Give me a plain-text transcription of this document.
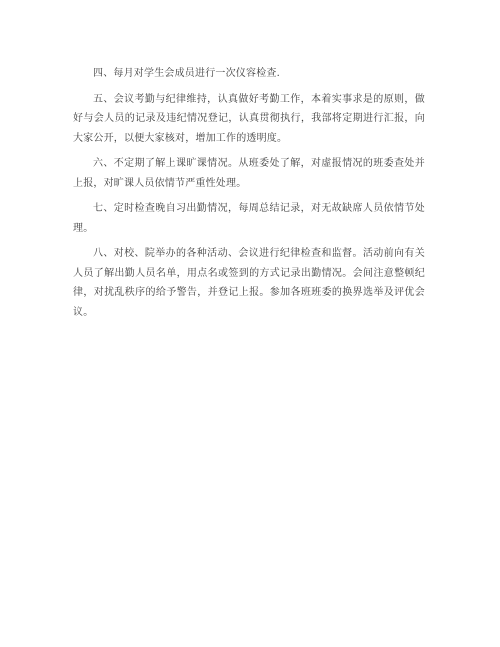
四、每月对学生会成员进行一次仪容检查.

五、会议考勤与纪律维持，认真做好考勤工作，本着实事求是的原则，做好与会人员的记录及违纪情况登记，认真贯彻执行，我部将定期进行汇报，向大家公开，以便大家核对，增加工作的透明度。

六、不定期了解上课旷课情况。从班委处了解，对虚报情况的班委查处并上报，对旷课人员依情节严重性处理。

七、定时检查晚自习出勤情况，每周总结记录，对无故缺席人员依情节处理。

八、对校、院举办的各种活动、会议进行纪律检查和监督。活动前向有关人员了解出勤人员名单，用点名或签到的方式记录出勤情况。会间注意整顿纪律，对扰乱秩序的给予警告，并登记上报。参加各班班委的换界选举及评优会议。
